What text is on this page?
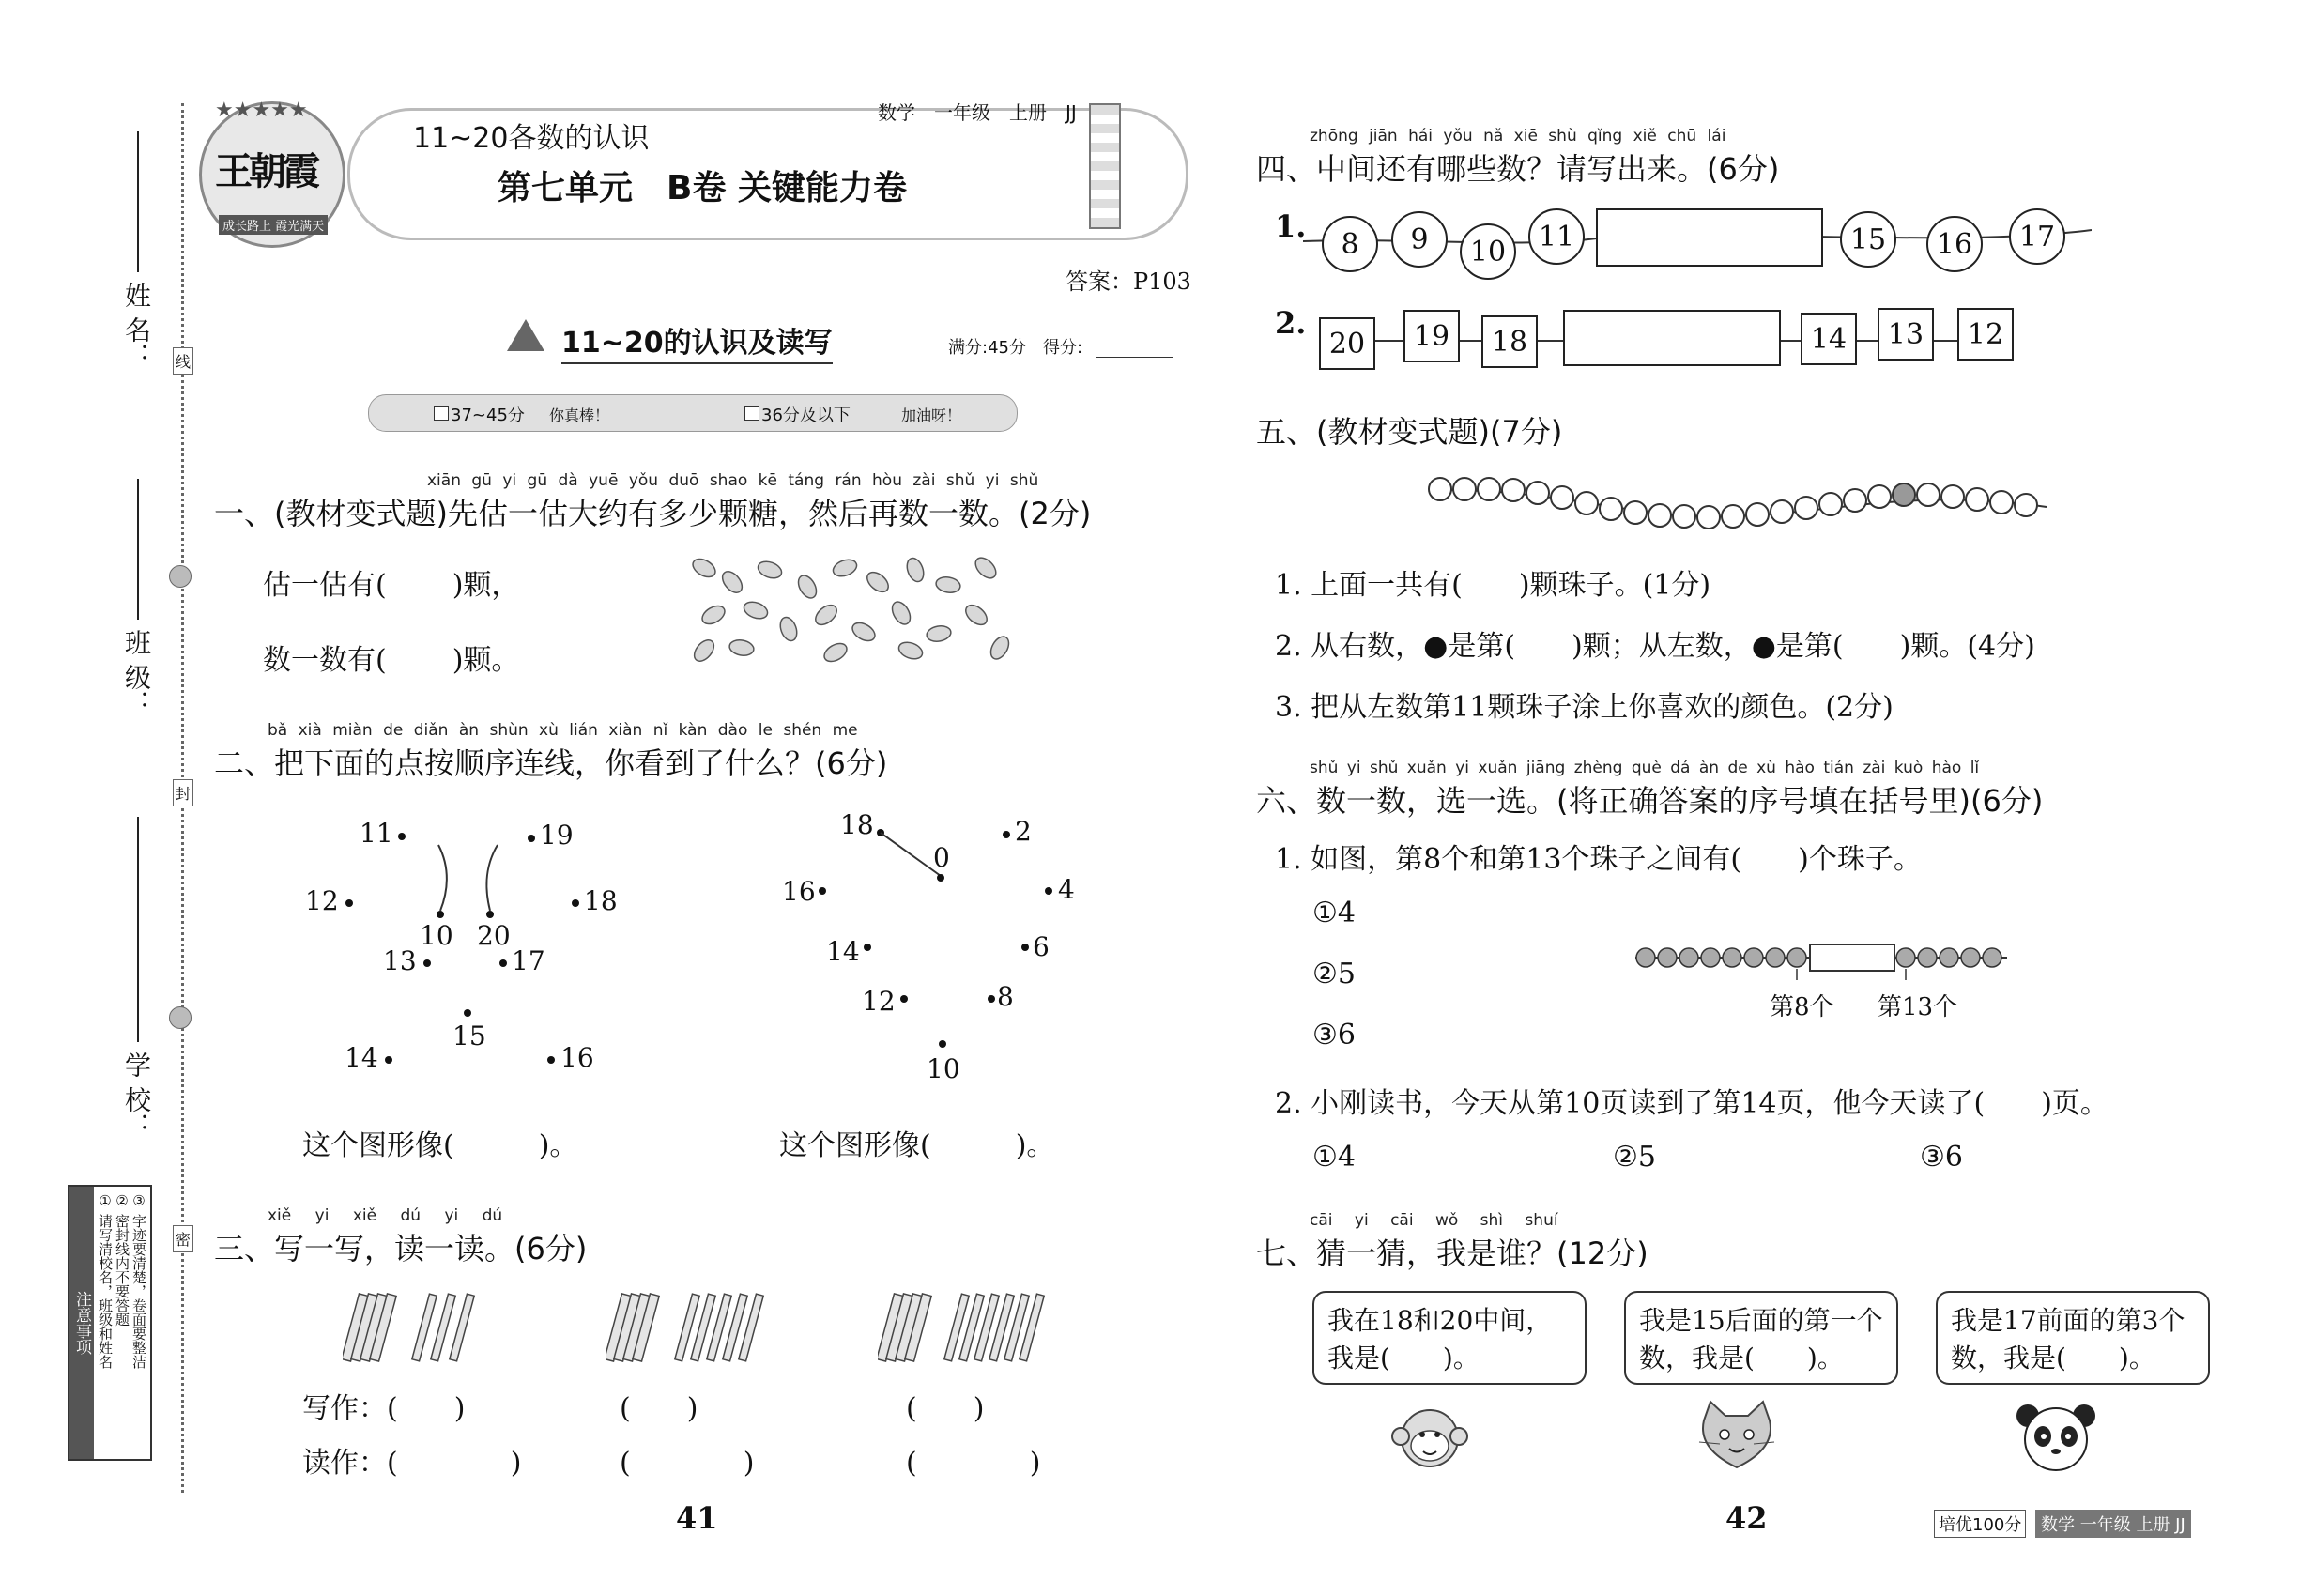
姓 名：
班 级：
学 校：
线
封
密
注意事项 ① 请写清校名，班级和姓名 ② 密封线内不要答题 ③ 字迹要清楚，卷面要整洁
王朝霞
★★★★★
成长路上 霞光满天
11~20各数的认识
数学　一年级　上册　JJ
第七单元　B卷 关键能力卷
答案：P103
11~20的认识及读写	满分:45分　得分:
37~45分 你真棒！	36分及以下	加油呀！
xiān gū yi gū dà yuē yǒu duō shao kē táng rán hòu zài shǔ yi shǔ
一、(教材变式题)先估一估大约有多少颗糖，然后再数一数。(2分)
估一估有( )颗，
数一数有( )颗。
bǎ xià miàn de diǎn àn shùn xù lián xiàn nǐ kàn dào le shén me
二、把下面的点按顺序连线，你看到了什么？(6分)
11	19
12	18
10 20
13	17
15
14	16
18	2
0
16	4
14	6
12	8
10
这个图形像(　　　)。	这个图形像(　　　)。
xiě yi xiě dú yi dú
三、写一写，读一读。(6分)
写作：(　　)	(　　)	(　　)
读作：(　　　　)	(　　　　)	(　　　　)
41
zhōng jiān hái yǒu nǎ xiē shù qǐng xiě chū lái
四、中间还有哪些数？请写出来。(6分)
1.	8	9	10	11	15	16	17
2.
20	19	18	14	13	12
五、(教材变式题)(7分)
1. 上面一共有(　　)颗珠子。(1分)
2. 从右数，●是第(　　)颗；从左数，●是第(　　)颗。(4分)
3. 把从左数第11颗珠子涂上你喜欢的颜色。(2分)
shǔ yi shǔ xuǎn yi xuǎn jiāng zhèng què dá àn de xù hào tián zài kuò hào lǐ
六、数一数，选一选。(将正确答案的序号填在括号里)(6分)
1. 如图，第8个和第13个珠子之间有(　　)个珠子。
①4
②5
③6
第8个 第13个
2. 小刚读书，今天从第10页读到了第14页，他今天读了(　　)页。
①4	②5	③6
cāi yi cāi wǒ shì shuí
七、猜一猜，我是谁？(12分)
我在18和20中间，我是(　　)。
我是15后面的第一个数，我是(　　)。
我是17前面的第3个数，我是(　　)。
42	培优100分	数学 一年级 上册 JJ
